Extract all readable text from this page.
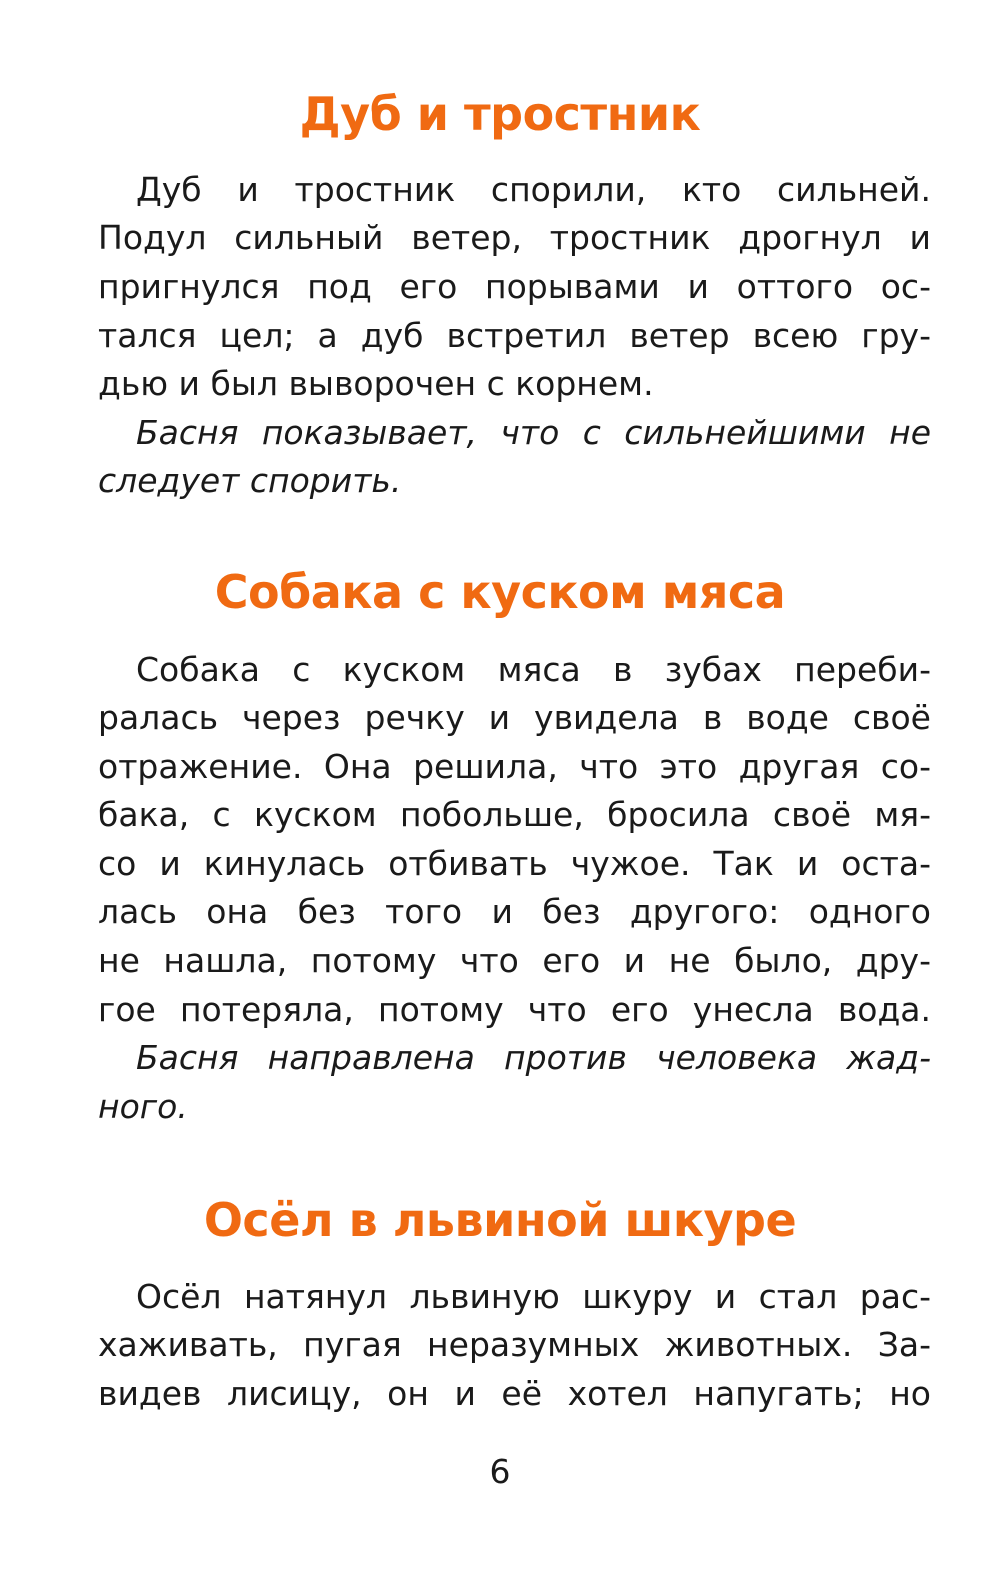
Дуб и тростник
Дуб и тростник спорили, кто сильней.
Подул сильный ветер, тростник дрогнул и
пригнулся под его порывами и оттого ос-
тался цел; а дуб встретил ветер всею гру-
дью и был выворочен с корнем.
Басня показывает, что с сильнейшими не
следует спорить.
Собака с куском мяса
Собака с куском мяса в зубах переби-
ралась через речку и увидела в воде своё
отражение. Она решила, что это другая со-
бака, с куском побольше, бросила своё мя-
со и кинулась отбивать чужое. Так и оста-
лась она без того и без другого: одного
не нашла, потому что его и не было, дру-
гое потеряла, потому что его унесла вода.
Басня направлена против человека жад-
ного.
Осёл в львиной шкуре
Осёл натянул львиную шкуру и стал рас-
хаживать, пугая неразумных животных. За-
видев лисицу, он и её хотел напугать; но
6
